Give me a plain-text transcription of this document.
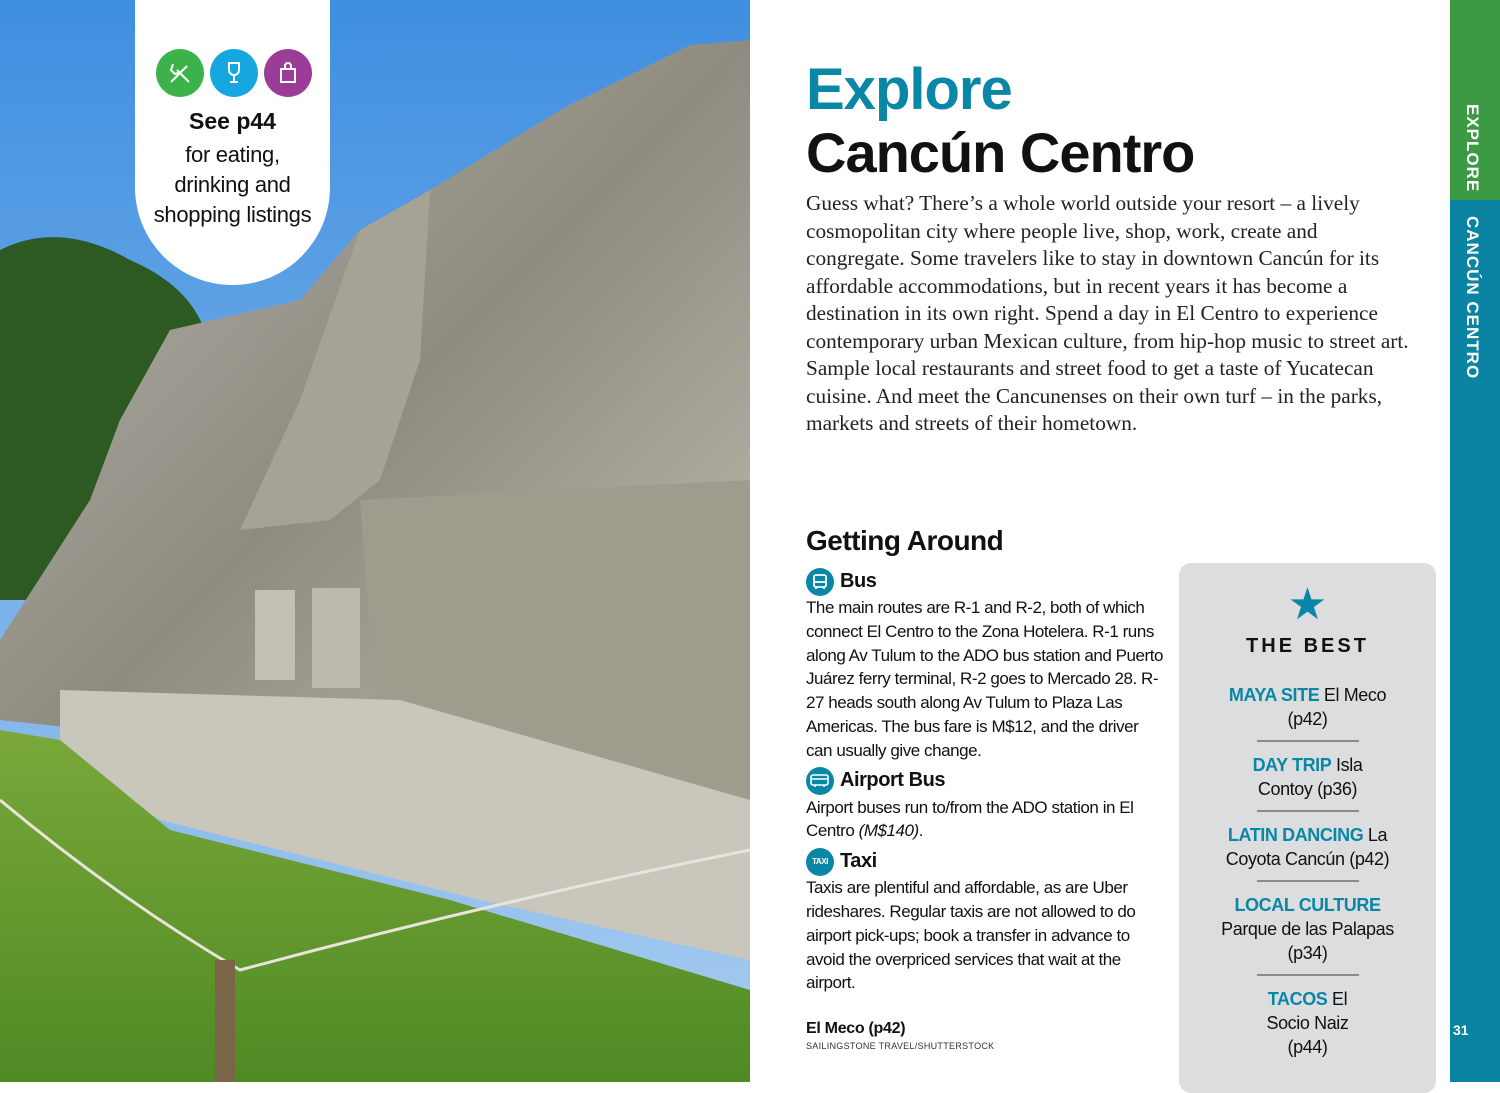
See p44
for eating, drinking and shopping listings
Explore
Cancún Centro
Guess what? There’s a whole world outside your resort – a lively cosmopolitan city where people live, shop, work, create and congregate. Some travelers like to stay in downtown Cancún for its affordable accommodations, but in recent years it has become a destination in its own right. Spend a day in El Centro to experience contemporary urban Mexican culture, from hip-hop music to street art. Sample local restaurants and street food to get a taste of Yucatecan cuisine. And meet the Cancunenses on their own turf – in the parks, markets and streets of their hometown.
Getting Around
Bus
The main routes are R-1 and R-2, both of which connect El Centro to the Zona Hotelera. R-1 runs along Av Tulum to the ADO bus station and Puerto Juárez ferry terminal, R-2 goes to Mercado 28. R-27 heads south along Av Tulum to Plaza Las Americas. The bus fare is M$12, and the driver can usually give change.
Airport Bus
Airport buses run to/from the ADO station in El Centro (M$140).
TAXI Taxi
Taxis are plentiful and affordable, as are Uber rideshares. Regular taxis are not allowed to do airport pick-ups; book a transfer in advance to avoid the overpriced services that wait at the airport.
El Meco (p42)
SAILINGSTONE TRAVEL/SHUTTERSTOCK
★
THE BEST
MAYA SITE El Meco (p42)
DAY TRIP Isla Contoy (p36)
LATIN DANCING La Coyota Cancún (p42)
LOCAL CULTURE Parque de las Palapas (p34)
TACOS El Socio Naiz (p44)
EXPLORE
CANCÚN CENTRO
31
